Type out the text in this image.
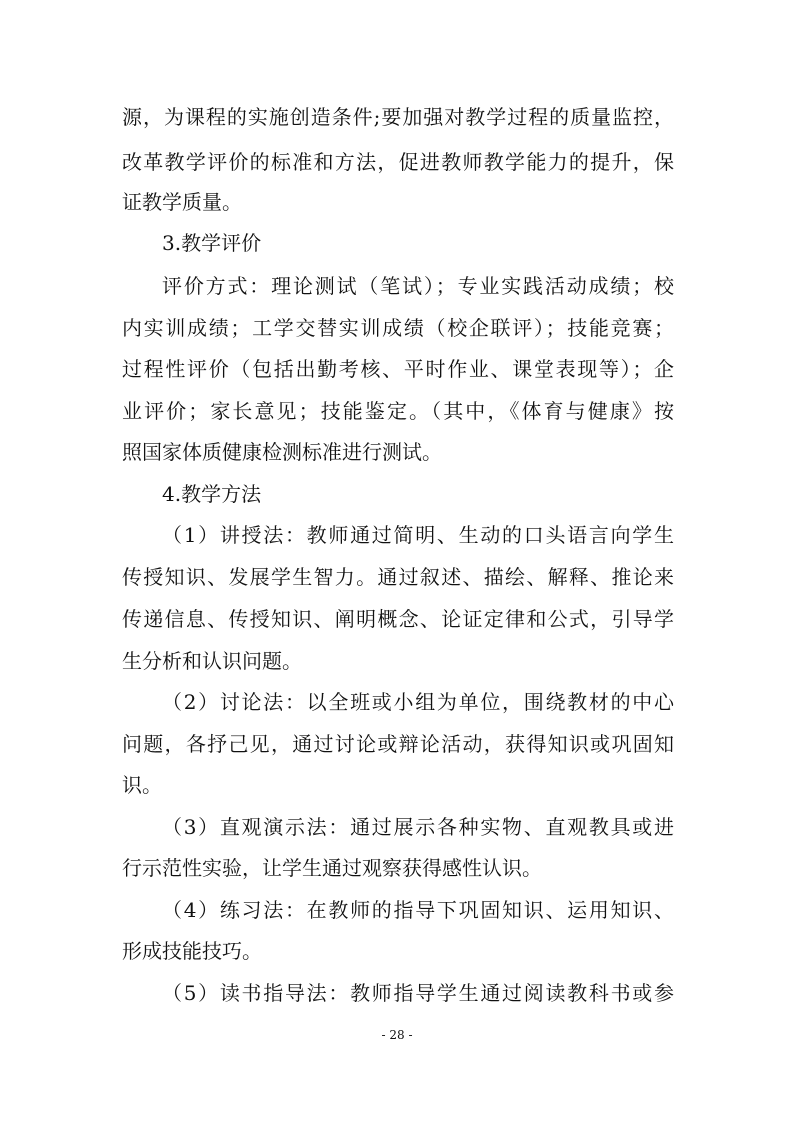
源，为课程的实施创造条件;要加强对教学过程的质量监控，
改革教学评价的标准和方法，促进教师教学能力的提升，保
证教学质量。
3.教学评价
评价方式：理论测试（笔试）；专业实践活动成绩；校
内实训成绩；工学交替实训成绩（校企联评）；技能竞赛；
过程性评价（包括出勤考核、平时作业、课堂表现等）；企
业评价；家长意见；技能鉴定。（其中，《体育与健康》按
照国家体质健康检测标准进行测试。
4.教学方法
（1）讲授法：教师通过简明、生动的口头语言向学生
传授知识、发展学生智力。通过叙述、描绘、解释、推论来
传递信息、传授知识、阐明概念、论证定律和公式，引导学
生分析和认识问题。
（2）讨论法：以全班或小组为单位，围绕教材的中心
问题，各抒己见，通过讨论或辩论活动，获得知识或巩固知
识。
（3）直观演示法：通过展示各种实物、直观教具或进
行示范性实验，让学生通过观察获得感性认识。
（4）练习法：在教师的指导下巩固知识、运用知识、
形成技能技巧。
（5）读书指导法：教师指导学生通过阅读教科书或参
- 28 -
